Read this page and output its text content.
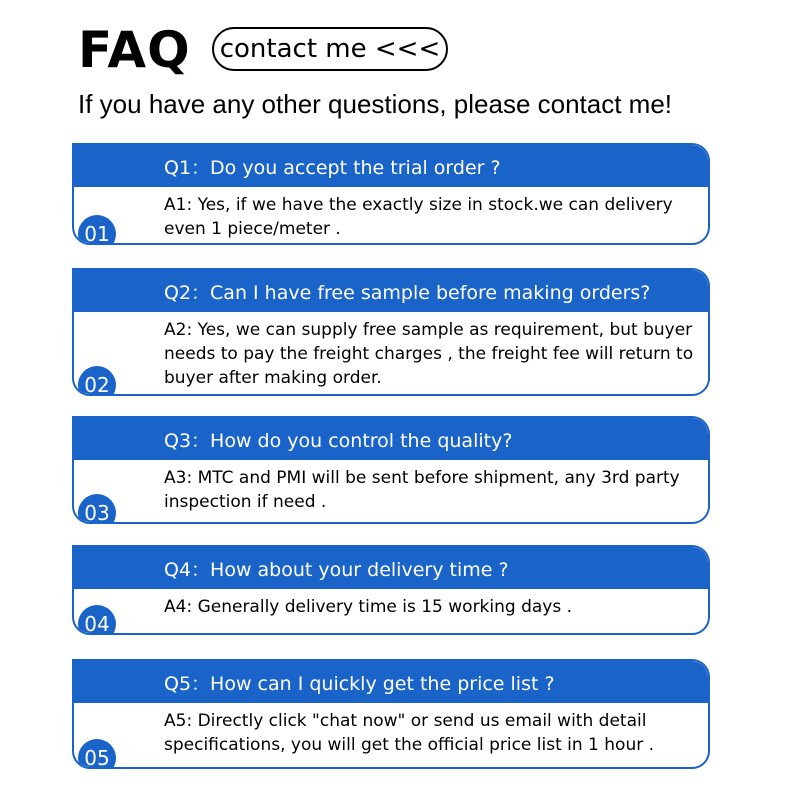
FAQ contact me <<<
If you have any other questions, please contact me!
Q1：Do you accept the trial order ?
A1: Yes, if we have the exactly size in stock.we can delivery even 1 piece/meter .
01
Q2：Can I have free sample before making orders?
A2: Yes, we can supply free sample as requirement, but buyer needs to pay the freight charges , the freight fee will return to buyer after making order.
02
Q3：How do you control the quality?
A3: MTC and PMI will be sent before shipment, any 3rd party inspection if need .
03
Q4：How about your delivery time ?
A4: Generally delivery time is 15 working days .
04
Q5：How can I quickly get the price list ?
A5: Directly click "chat now" or send us email with detail specifications, you will get the official price list in 1 hour .
05
